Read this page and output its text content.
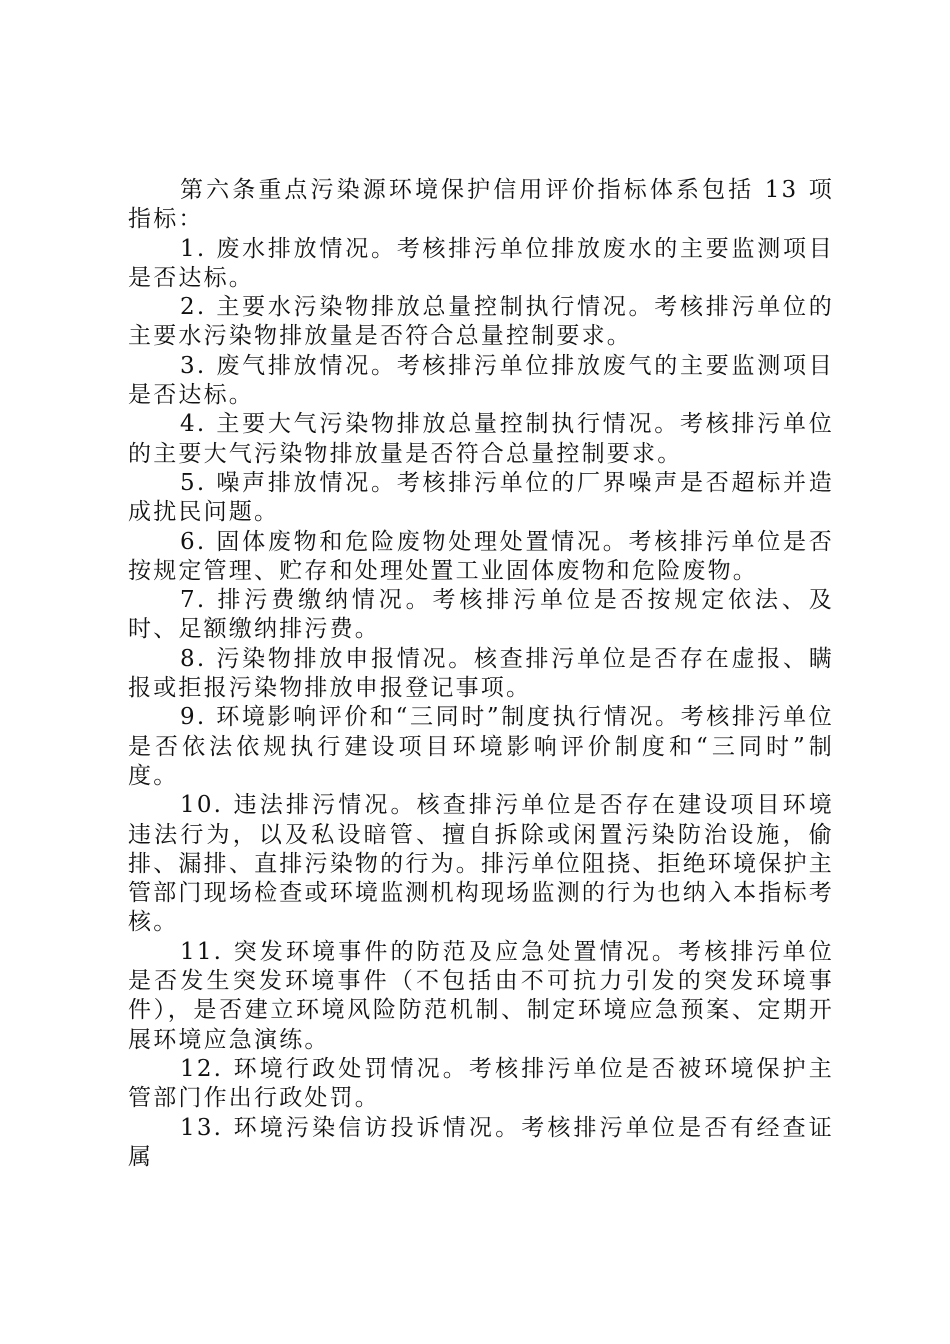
第六条重点污染源环境保护信用评价指标体系包括 13 项指标：

1. 废水排放情况。考核排污单位排放废水的主要监测项目是否达标。

2. 主要水污染物排放总量控制执行情况。考核排污单位的主要水污染物排放量是否符合总量控制要求。

3. 废气排放情况。考核排污单位排放废气的主要监测项目是否达标。

4. 主要大气污染物排放总量控制执行情况。考核排污单位的主要大气污染物排放量是否符合总量控制要求。

5. 噪声排放情况。考核排污单位的厂界噪声是否超标并造成扰民问题。

6. 固体废物和危险废物处理处置情况。考核排污单位是否按规定管理、贮存和处理处置工业固体废物和危险废物。

7. 排污费缴纳情况。考核排污单位是否按规定依法、及时、足额缴纳排污费。

8. 污染物排放申报情况。核查排污单位是否存在虚报、瞒报或拒报污染物排放申报登记事项。

9. 环境影响评价和“三同时”制度执行情况。考核排污单位是否依法依规执行建设项目环境影响评价制度和“三同时”制度。

10. 违法排污情况。核查排污单位是否存在建设项目环境违法行为，以及私设暗管、擅自拆除或闲置污染防治设施，偷排、漏排、直排污染物的行为。排污单位阻挠、拒绝环境保护主管部门现场检查或环境监测机构现场监测的行为也纳入本指标考核。

11. 突发环境事件的防范及应急处置情况。考核排污单位是否发生突发环境事件（不包括由不可抗力引发的突发环境事件），是否建立环境风险防范机制、制定环境应急预案、定期开展环境应急演练。

12. 环境行政处罚情况。考核排污单位是否被环境保护主管部门作出行政处罚。

13. 环境污染信访投诉情况。考核排污单位是否有经查证属
